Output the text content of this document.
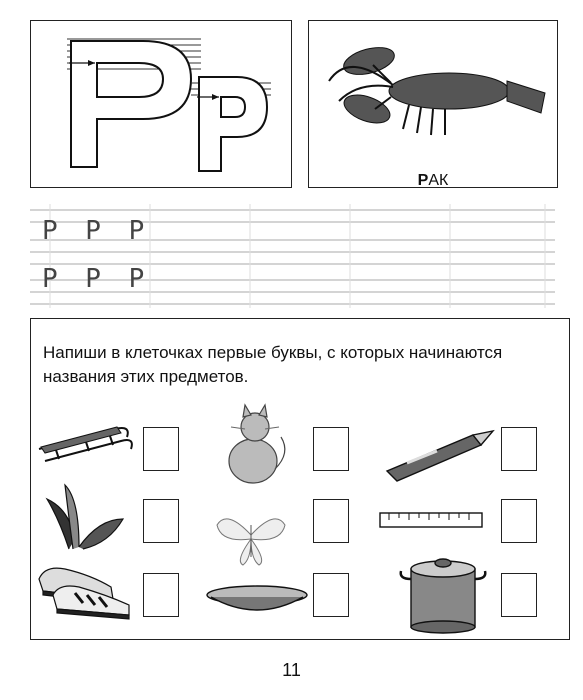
РАК
Р Р Р
Р Р Р
Напиши в клеточках первые буквы, с которых начинаются названия этих предметов.
11
